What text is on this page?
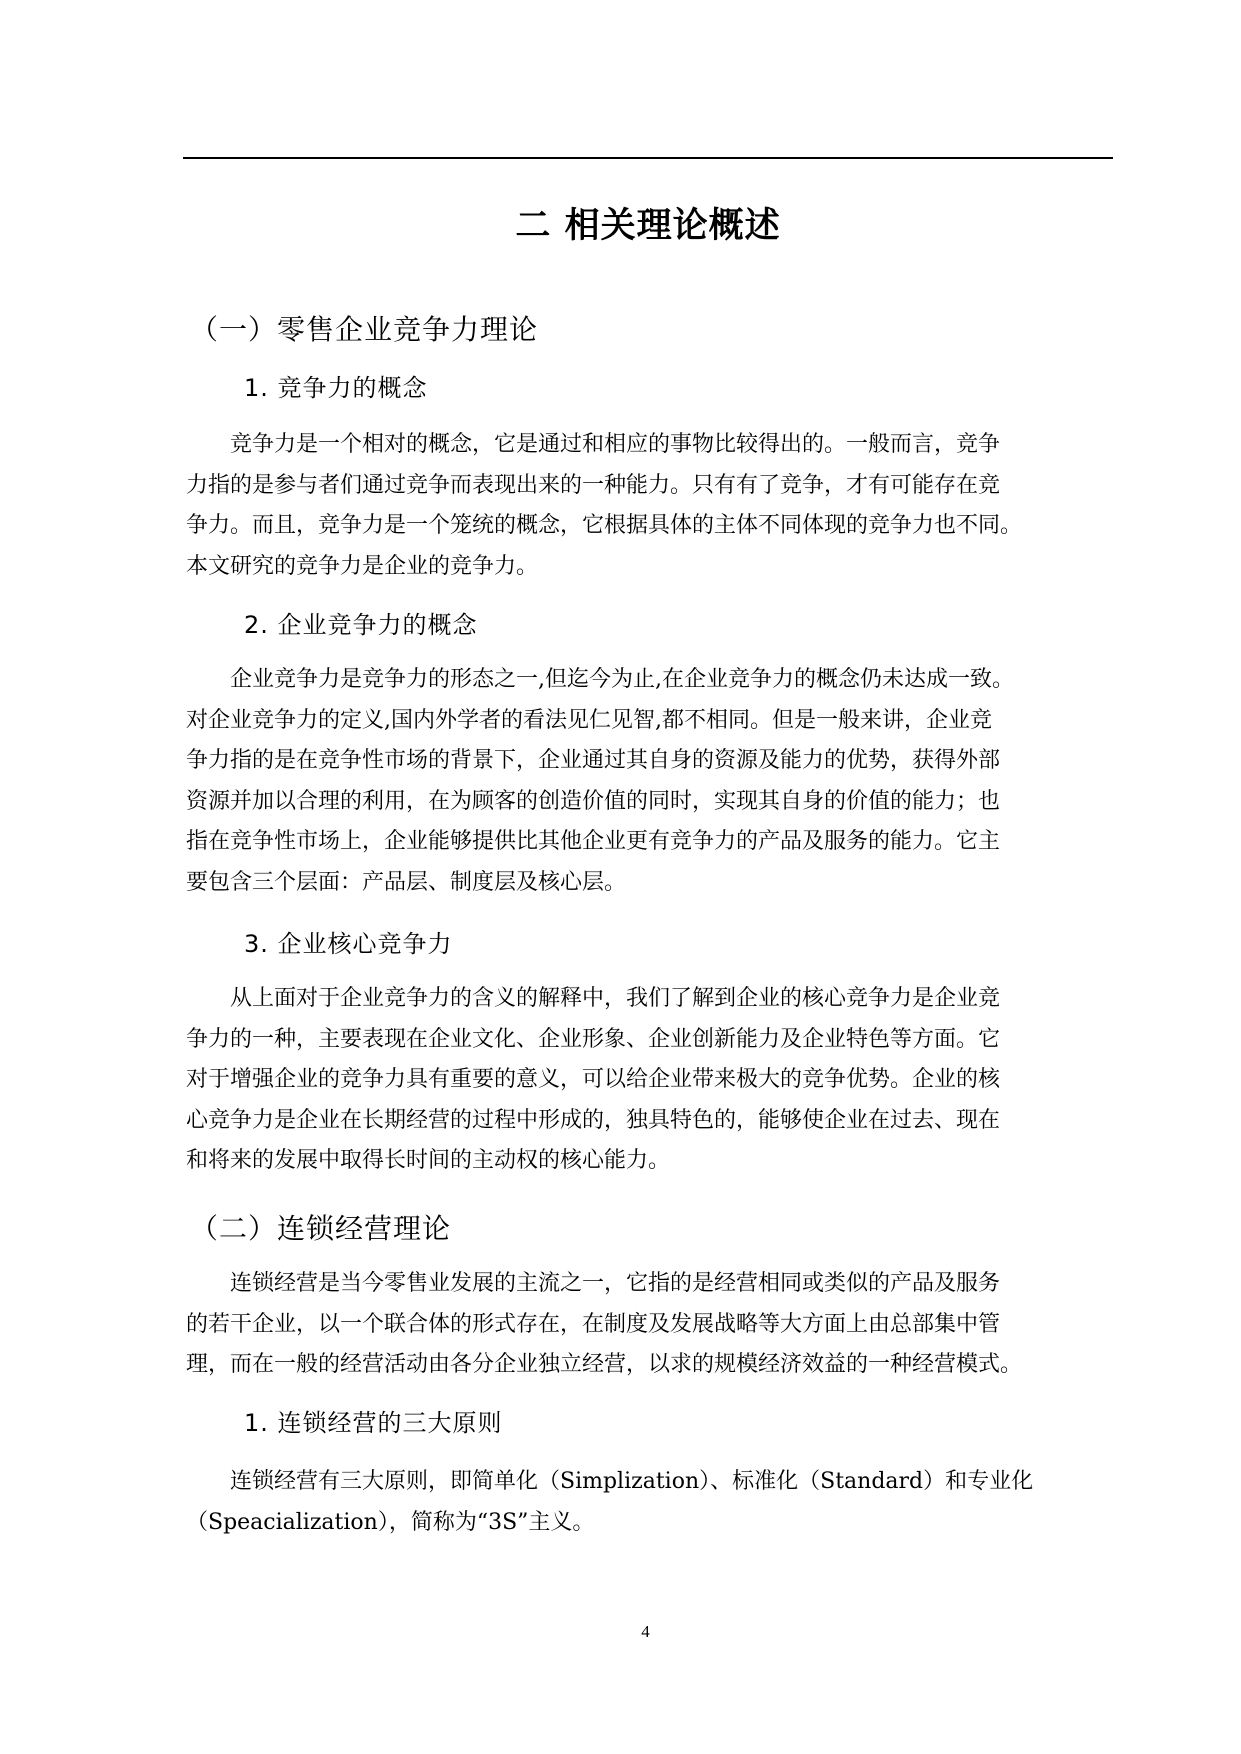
二 相关理论概述
（一）零售企业竞争力理论
1. 竞争力的概念
　　竞争力是一个相对的概念，它是通过和相应的事物比较得出的。一般而言，竞争
力指的是参与者们通过竞争而表现出来的一种能力。只有有了竞争，才有可能存在竞
争力。而且，竞争力是一个笼统的概念，它根据具体的主体不同体现的竞争力也不同。
本文研究的竞争力是企业的竞争力。
2. 企业竞争力的概念
　　企业竞争力是竞争力的形态之一,但迄今为止,在企业竞争力的概念仍未达成一致。
对企业竞争力的定义,国内外学者的看法见仁见智,都不相同。但是一般来讲，企业竞
争力指的是在竞争性市场的背景下，企业通过其自身的资源及能力的优势，获得外部
资源并加以合理的利用，在为顾客的创造价值的同时，实现其自身的价值的能力；也
指在竞争性市场上，企业能够提供比其他企业更有竞争力的产品及服务的能力。它主
要包含三个层面：产品层、制度层及核心层。
3. 企业核心竞争力
　　从上面对于企业竞争力的含义的解释中，我们了解到企业的核心竞争力是企业竞
争力的一种，主要表现在企业文化、企业形象、企业创新能力及企业特色等方面。它
对于增强企业的竞争力具有重要的意义，可以给企业带来极大的竞争优势。企业的核
心竞争力是企业在长期经营的过程中形成的，独具特色的，能够使企业在过去、现在
和将来的发展中取得长时间的主动权的核心能力。
（二）连锁经营理论
　　连锁经营是当今零售业发展的主流之一，它指的是经营相同或类似的产品及服务
的若干企业，以一个联合体的形式存在，在制度及发展战略等大方面上由总部集中管
理，而在一般的经营活动由各分企业独立经营，以求的规模经济效益的一种经营模式。
1. 连锁经营的三大原则
　　连锁经营有三大原则，即简单化（Simplization）、标准化（Standard）和专业化
（Speacialization），简称为“3S”主义。
4
